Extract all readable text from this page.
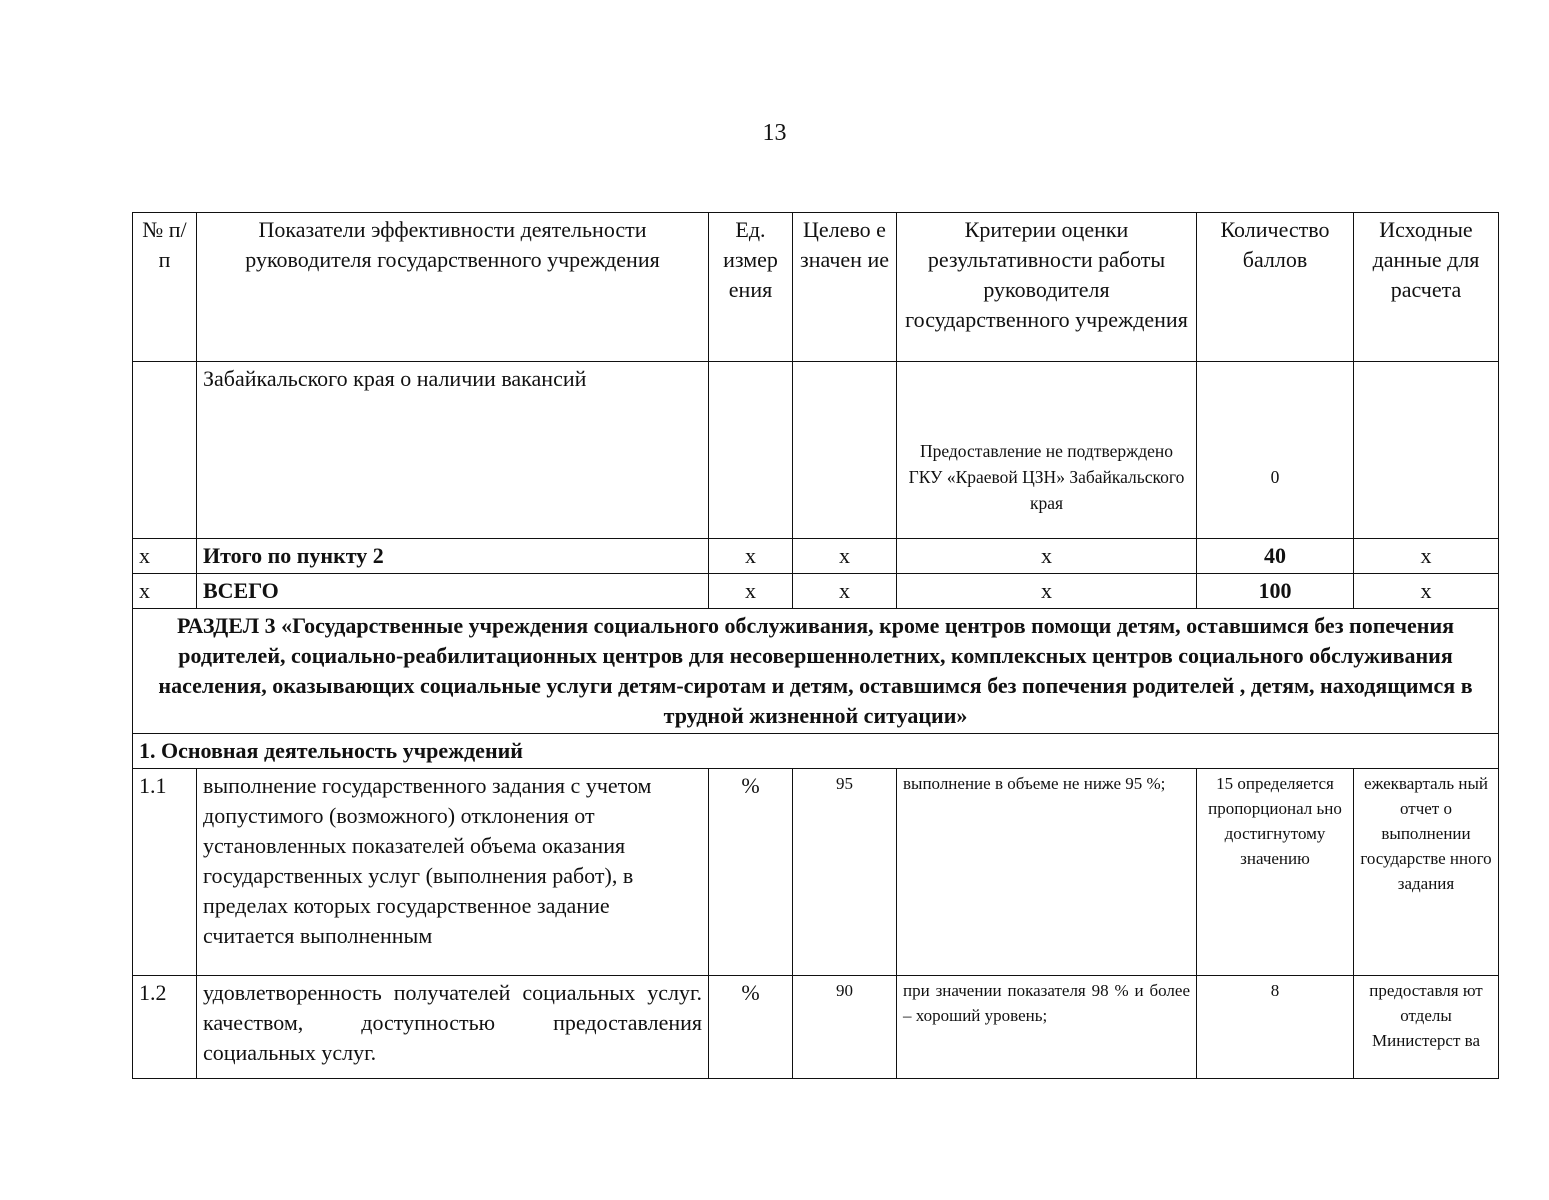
13
№ п/п	Показатели эффективности деятельности руководителя государственного учреждения	Ед. измер ения	Целево е значен ие	Критерии оценки результативности работы руководителя государственного учреждения	Количество баллов	Исходные данные для расчета
	Забайкальского края о наличии вакансий			Предоставление не подтверждено ГКУ «Краевой ЦЗН» Забайкальского края	0	

х	Итого по пункту 2	х	х	х	40	х
х	ВСЕГО	х	х	х	100	х
РАЗДЕЛ 3 «Государственные учреждения социального обслуживания, кроме центров помощи детям, оставшимся без попечения родителей, социально-реабилитационных центров для несовершеннолетних, комплексных центров социального обслуживания населения, оказывающих социальные услуги детям-сиротам и детям, оставшимся без попечения родителей , детям, находящимся в трудной жизненной ситуации»						
1. Основная деятельность учреждений						
1.1	выполнение государственного задания с учетом допустимого (возможного) отклонения от установленных показателей объема оказания государственных услуг (выполнения работ), в пределах которых государственное задание считается выполненным	%	95	выполнение в объеме не ниже 95 %;	15 определяется пропорционал ьно достигнутому значению	ежекварталь ный отчет о выполнении государстве нного задания
1.2	удовлетворенность получателей социальных услуг. качеством, доступностью предоставления социальных услуг.	%	90	при значении показателя 98 % и более – хороший уровень;	8	предоставля ют отделы Министерст ва
